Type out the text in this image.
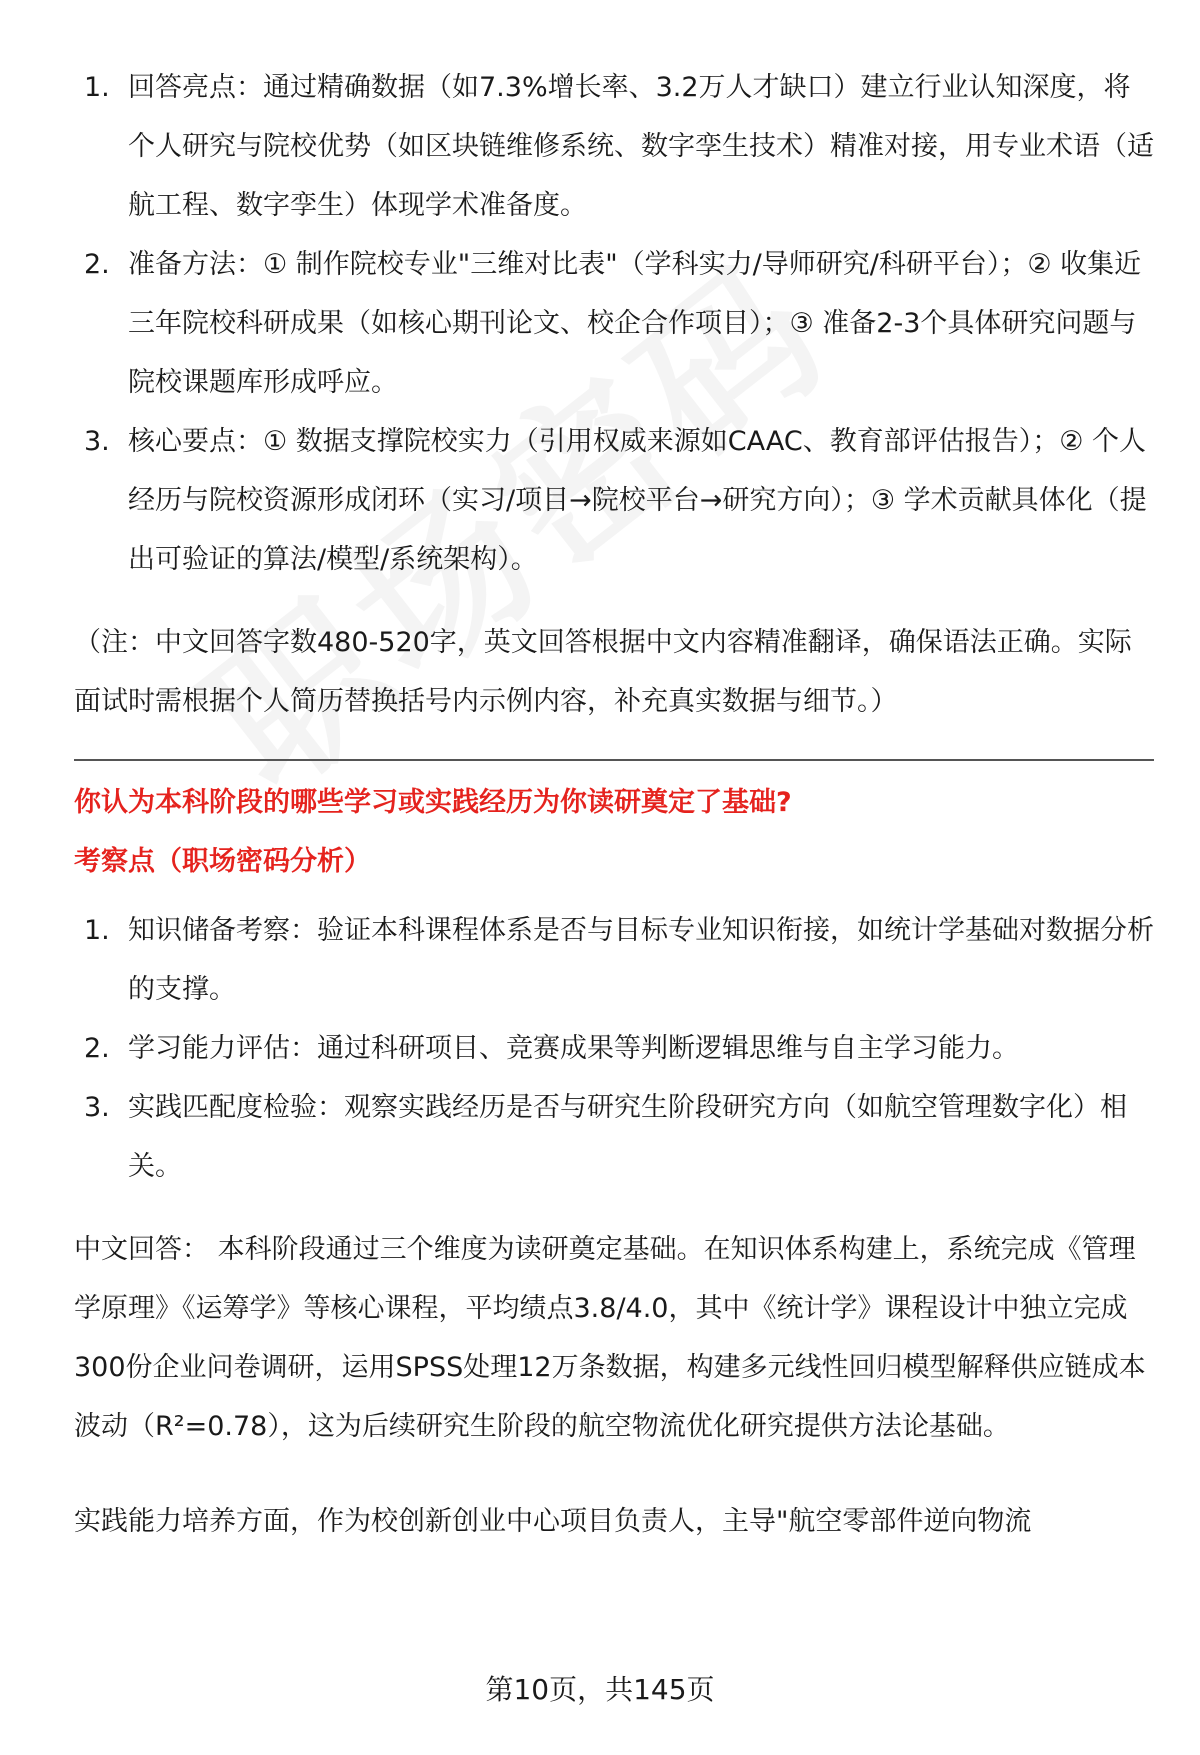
1. 回答亮点：通过精确数据（如7.3%增长率、3.2万人才缺口）建立行业认知深度，将个人研究与院校优势（如区块链维修系统、数字孪生技术）精准对接，用专业术语（适航工程、数字孪生）体现学术准备度。
2. 准备方法：① 制作院校专业"三维对比表"（学科实力/导师研究/科研平台）；② 收集近三年院校科研成果（如核心期刊论文、校企合作项目）；③ 准备2-3个具体研究问题与院校课题库形成呼应。
3. 核心要点：① 数据支撑院校实力（引用权威来源如CAAC、教育部评估报告）；② 个人经历与院校资源形成闭环（实习/项目→院校平台→研究方向）；③ 学术贡献具体化（提出可验证的算法/模型/系统架构）。
（注：中文回答字数480-520字，英文回答根据中文内容精准翻译，确保语法正确。实际面试时需根据个人简历替换括号内示例内容，补充真实数据与细节。）
你认为本科阶段的哪些学习或实践经历为你读研奠定了基础?
考察点（职场密码分析）
1. 知识储备考察：验证本科课程体系是否与目标专业知识衔接，如统计学基础对数据分析的支撑。
2. 学习能力评估：通过科研项目、竞赛成果等判断逻辑思维与自主学习能力。
3. 实践匹配度检验：观察实践经历是否与研究生阶段研究方向（如航空管理数字化）相关。
中文回答： 本科阶段通过三个维度为读研奠定基础。在知识体系构建上，系统完成《管理学原理》《运筹学》等核心课程，平均绩点3.8/4.0，其中《统计学》课程设计中独立完成300份企业问卷调研，运用SPSS处理12万条数据，构建多元线性回归模型解释供应链成本波动（R²=0.78），这为后续研究生阶段的航空物流优化研究提供方法论基础。
实践能力培养方面，作为校创新创业中心项目负责人，主导"航空零部件逆向物流
第10页，共145页
